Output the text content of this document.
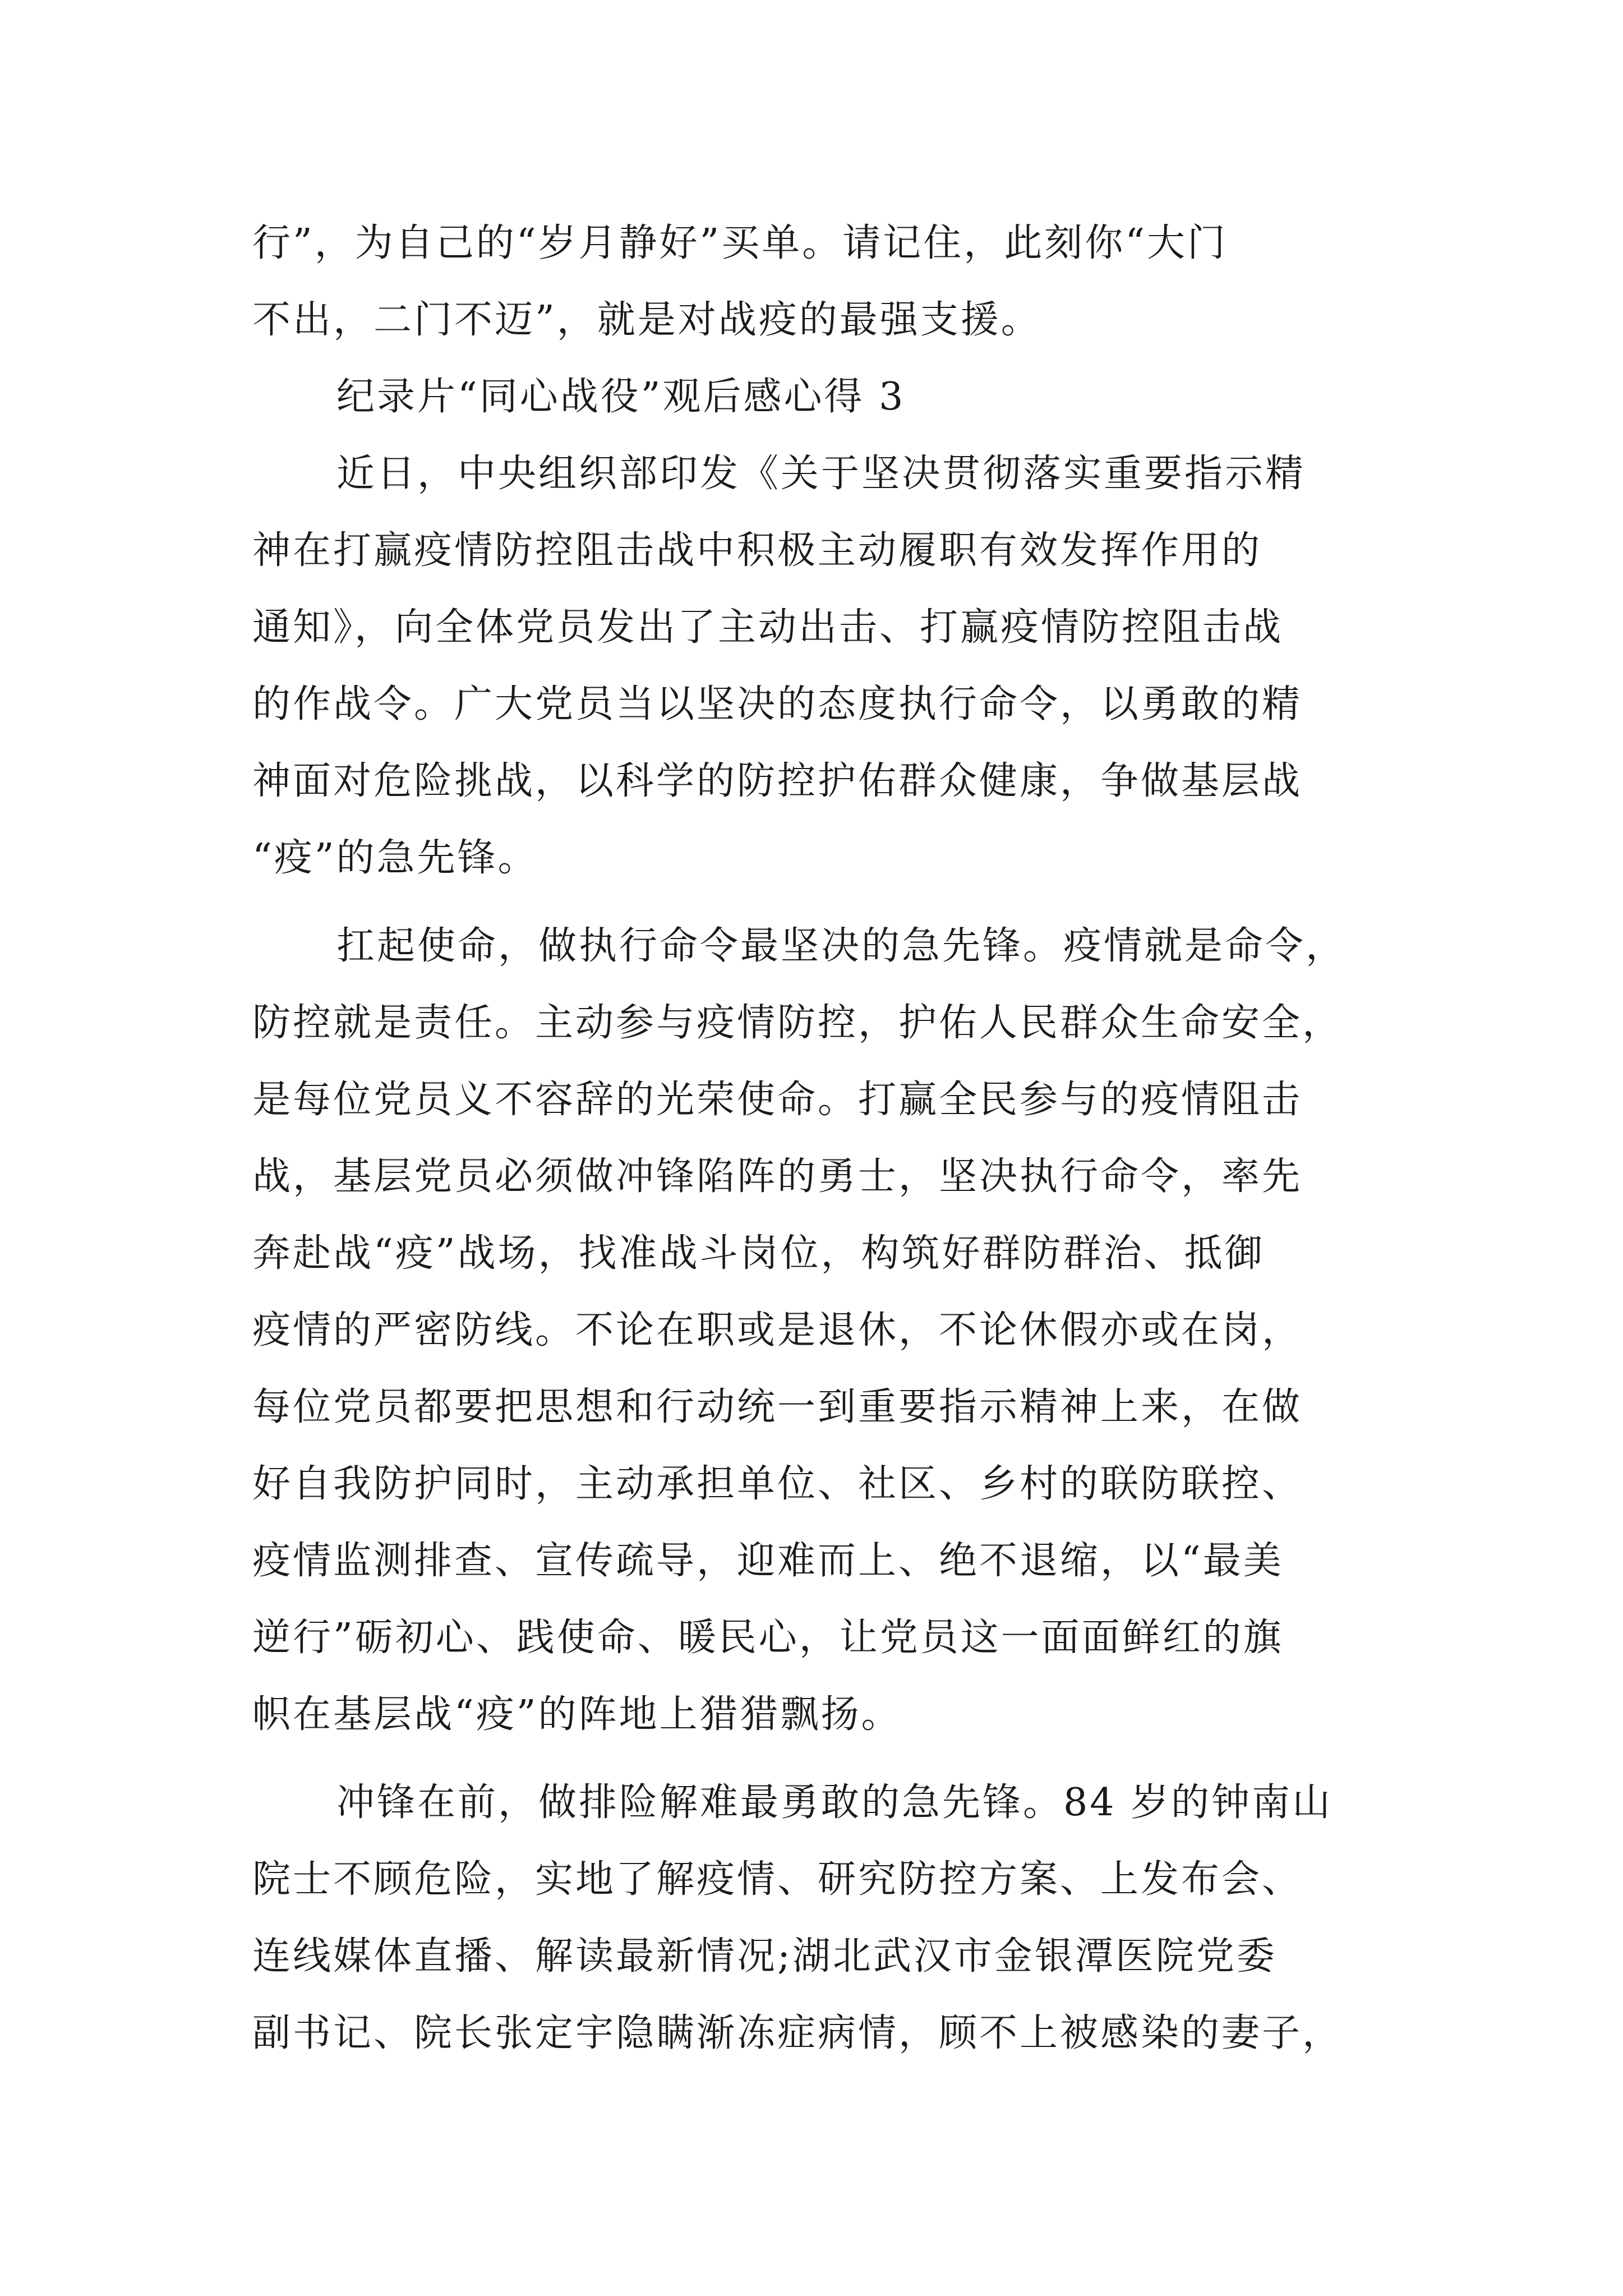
行”，为自己的“岁月静好”买单。请记住，此刻你“大门
不出，二门不迈”，就是对战疫的最强支援。
纪录片“同心战役”观后感心得 3
近日，中央组织部印发《关于坚决贯彻落实重要指示精
神在打赢疫情防控阻击战中积极主动履职有效发挥作用的
通知》，向全体党员发出了主动出击、打赢疫情防控阻击战
的作战令。广大党员当以坚决的态度执行命令，以勇敢的精
神面对危险挑战，以科学的防控护佑群众健康，争做基层战
“疫”的急先锋。
扛起使命，做执行命令最坚决的急先锋。疫情就是命令，
防控就是责任。主动参与疫情防控，护佑人民群众生命安全，
是每位党员义不容辞的光荣使命。打赢全民参与的疫情阻击
战，基层党员必须做冲锋陷阵的勇士，坚决执行命令，率先
奔赴战“疫”战场，找准战斗岗位，构筑好群防群治、抵御
疫情的严密防线。不论在职或是退休，不论休假亦或在岗，
每位党员都要把思想和行动统一到重要指示精神上来，在做
好自我防护同时，主动承担单位、社区、乡村的联防联控、
疫情监测排查、宣传疏导，迎难而上、绝不退缩，以“最美
逆行”砺初心、践使命、暖民心，让党员这一面面鲜红的旗
帜在基层战“疫”的阵地上猎猎飘扬。
冲锋在前，做排险解难最勇敢的急先锋。84 岁的钟南山
院士不顾危险，实地了解疫情、研究防控方案、上发布会、
连线媒体直播、解读最新情况;湖北武汉市金银潭医院党委
副书记、院长张定宇隐瞒渐冻症病情，顾不上被感染的妻子，
